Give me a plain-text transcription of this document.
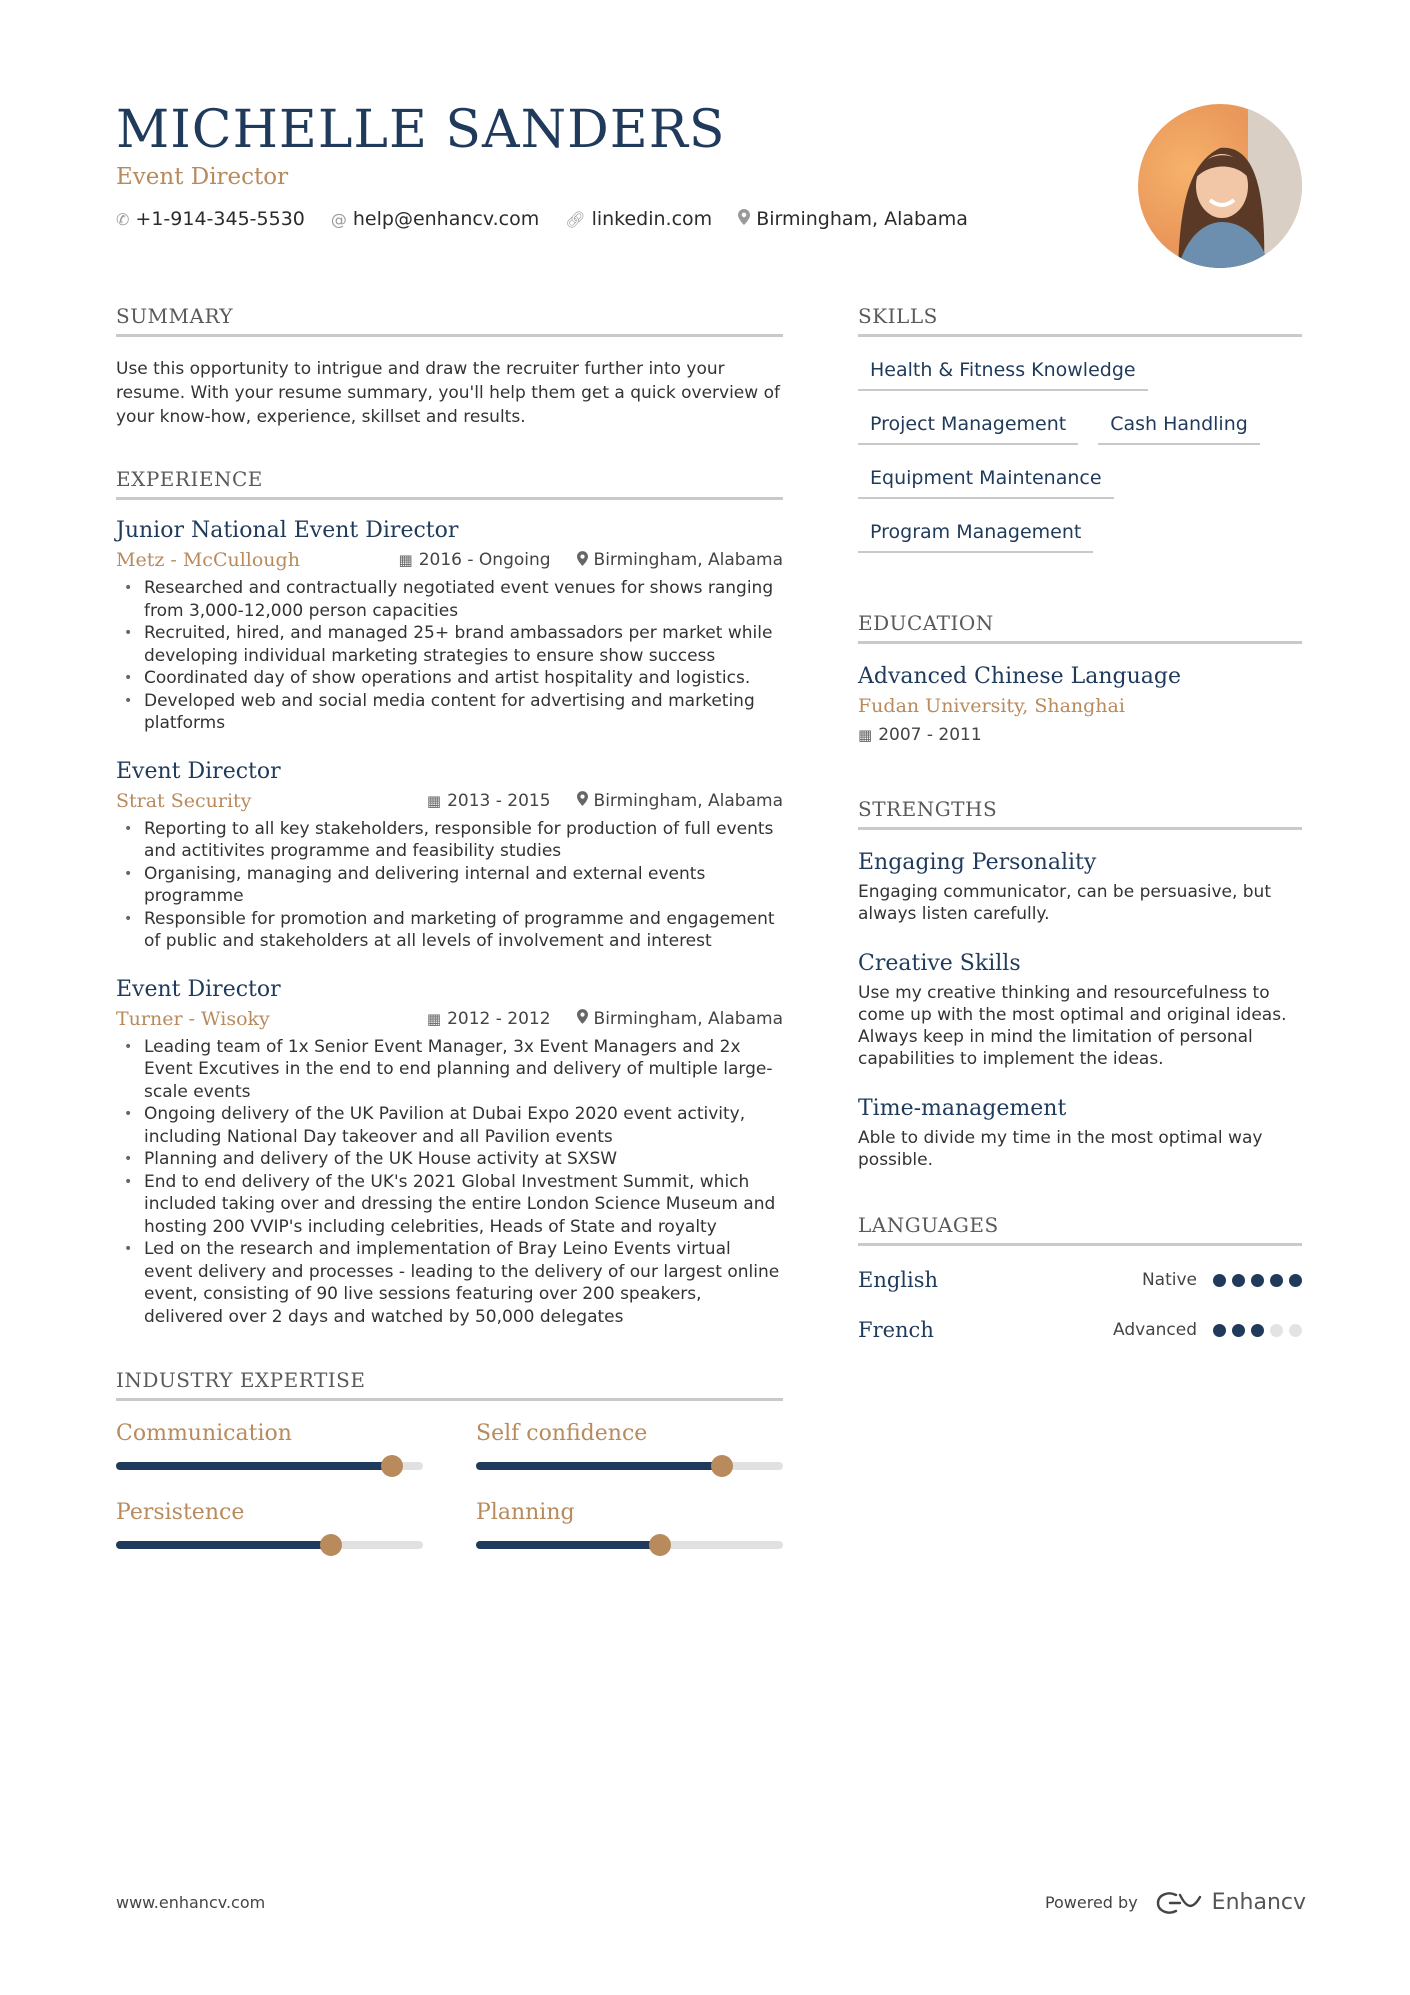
MICHELLE SANDERS
Event Director
✆ +1-914-345-5530 @ help@enhancv.com 🔗︎ linkedin.com Birmingham, Alabama
SUMMARY
Use this opportunity to intrigue and draw the recruiter further into your resume. With your resume summary, you'll help them get a quick overview of your know-how, experience, skillset and results.
EXPERIENCE
Junior National Event Director
Metz - McCullough	▦ 2016 - Ongoing	Birmingham, Alabama
• Researched and contractually negotiated event venues for shows ranging from 3,000-12,000 person capacities
• Recruited, hired, and managed 25+ brand ambassadors per market while developing individual marketing strategies to ensure show success
• Coordinated day of show operations and artist hospitality and logistics.
• Developed web and social media content for advertising and marketing platforms
Event Director
Strat Security	▦ 2013 - 2015	Birmingham, Alabama
• Reporting to all key stakeholders, responsible for production of full events and actitivites programme and feasibility studies
• Organising, managing and delivering internal and external events programme
• Responsible for promotion and marketing of programme and engagement of public and stakeholders at all levels of involvement and interest
Event Director
Turner - Wisoky	▦ 2012 - 2012	Birmingham, Alabama
• Leading team of 1x Senior Event Manager, 3x Event Managers and 2x Event Excutives in the end to end planning and delivery of multiple large-scale events
• Ongoing delivery of the UK Pavilion at Dubai Expo 2020 event activity, including National Day takeover and all Pavilion events
• Planning and delivery of the UK House activity at SXSW
• End to end delivery of the UK's 2021 Global Investment Summit, which included taking over and dressing the entire London Science Museum and hosting 200 VVIP's including celebrities, Heads of State and royalty
• Led on the research and implementation of Bray Leino Events virtual event delivery and processes - leading to the delivery of our largest online event, consisting of 90 live sessions featuring over 200 speakers, delivered over 2 days and watched by 50,000 delegates
INDUSTRY EXPERTISE
Communication	Self confidence
Persistence	Planning
SKILLS
Health & Fitness Knowledge
Project Management	Cash Handling
Equipment Maintenance
Program Management
EDUCATION
Advanced Chinese Language
Fudan University, Shanghai
▦ 2007 - 2011
STRENGTHS
Engaging Personality
Engaging communicator, can be persuasive, but always listen carefully.
Creative Skills
Use my creative thinking and resourcefulness to come up with the most optimal and original ideas. Always keep in mind the limitation of personal capabilities to implement the ideas.
Time-management
Able to divide my time in the most optimal way possible.
LANGUAGES
English	Native
French	Advanced
www.enhancv.com	Powered by	Enhancv
